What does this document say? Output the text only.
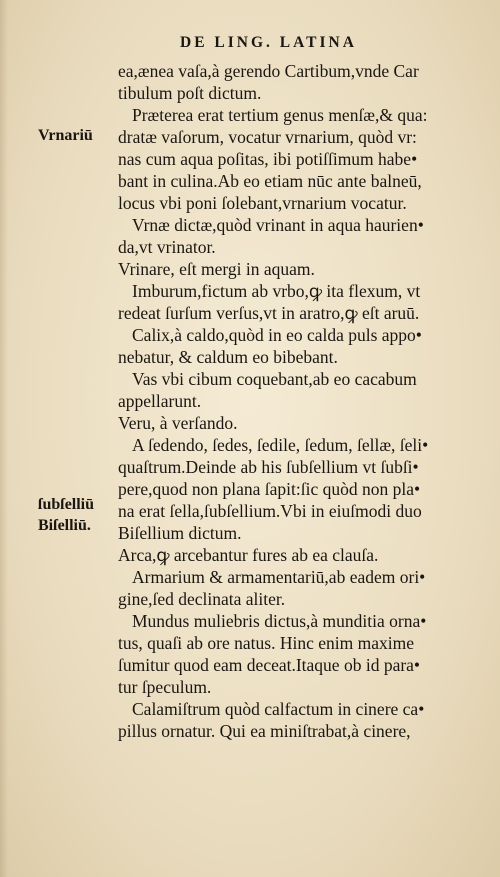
DE LING. LATINA
Vrnariū
ſubſelliū
Biſelliū.
ea,ænea vaſa,à gerendo Cartibum,vnde Car
tibulum poſt dictum.
Præterea erat tertium genus menſæ,& qua:
dratæ vaſorum, vocatur vrnarium, quòd vr:
nas cum aqua poſitas, ibi potiſſimum habe•
bant in culina.Ab eo etiam nūc ante balneū,
locus vbi poni ſolebant,vrnarium vocatur.
Vrnæ dictæ,quòd vrinant in aqua haurien•
da,vt vrinator.
Vrinare, eſt mergi in aquam.
Imburum,fictum ab vrbo,ꝙ ita flexum, vt
redeat ſurſum verſus,vt in aratro,ꝙ eſt aruū.
Calix,à caldo,quòd in eo calda puls appo•
nebatur, & caldum eo bibebant.
Vas vbi cibum coquebant,ab eo cacabum
appellarunt.
Veru, à verſando.
A ſedendo, ſedes, ſedile, ſedum, ſellæ, ſeli•
quaſtrum.Deinde ab his ſubſellium vt ſubſi•
pere,quod non plana ſapit:ſic quòd non pla•
na erat ſella,ſubſellium.Vbi in eiuſmodi duo
Biſellium dictum.
Arca,ꝙ arcebantur fures ab ea clauſa.
Armarium & armamentariū,ab eadem ori•
gine,ſed declinata aliter.
Mundus muliebris dictus,à munditia orna•
tus, quaſi ab ore natus. Hinc enim maxime
ſumitur quod eam deceat.Itaque ob id para•
tur ſpeculum.
Calamiſtrum quòd calfactum in cinere ca•
pillus ornatur. Qui ea miniſtrabat,à cinere,
